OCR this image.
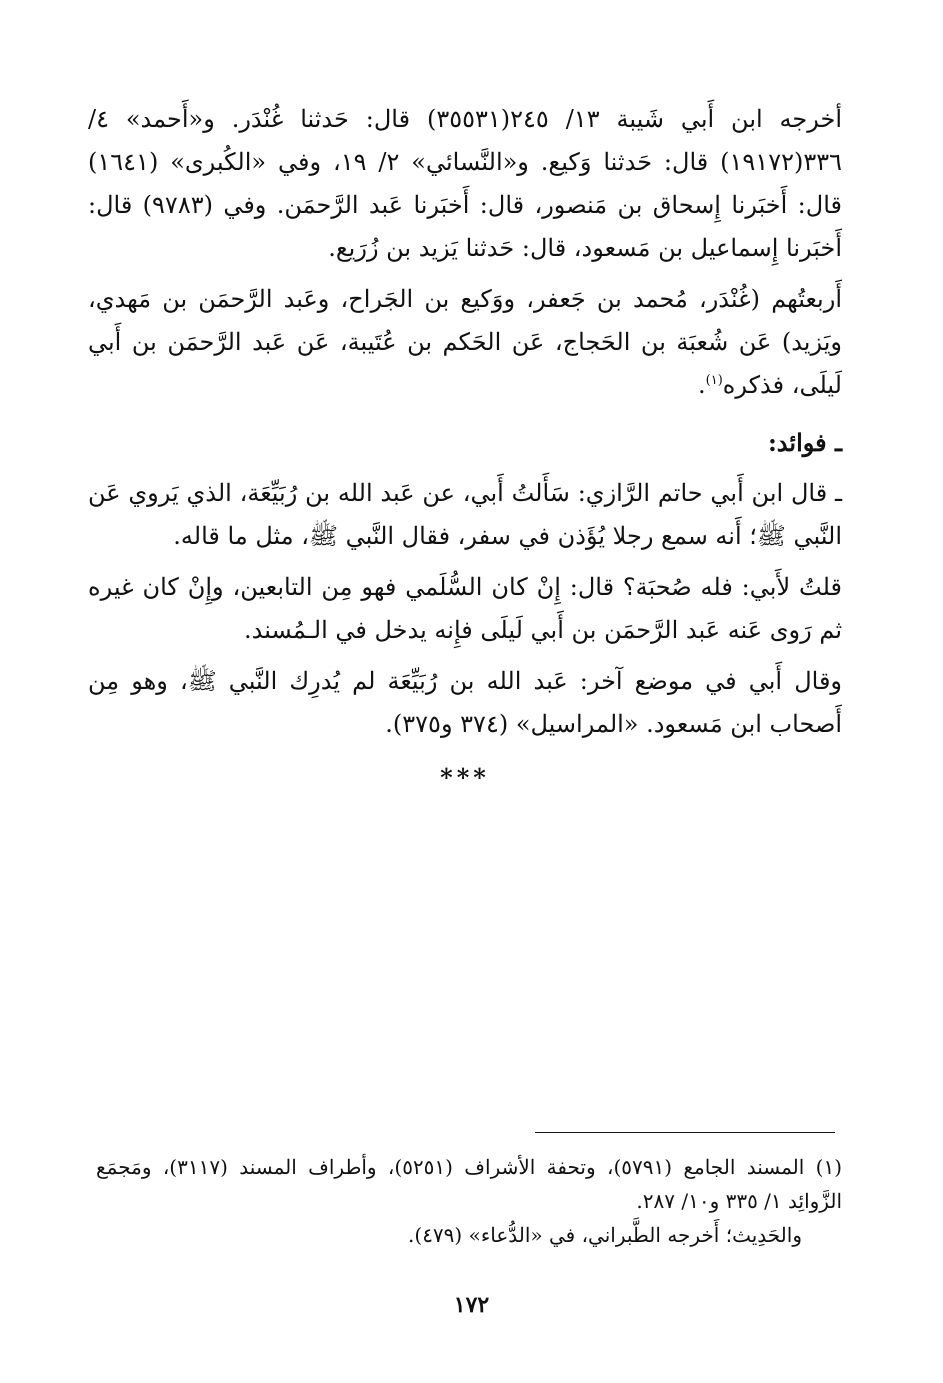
أخرجه ابن أَبي شَيبة ١٣/ ٢٤٥(٣٥٥٣١) قال: حَدثنا غُنْدَر. و«أَحمد» ٤/ ٣٣٦(١٩١٧٢) قال: حَدثنا وَكيع. و«النَّسائي» ٢/ ١٩، وفي «الكُبرى» (١٦٤١) قال: أَخبَرنا إِسحاق بن مَنصور، قال: أَخبَرنا عَبد الرَّحمَن. وفي (٩٧٨٣) قال: أَخبَرنا إِسماعيل بن مَسعود، قال: حَدثنا يَزيد بن زُرَيع.

أَربعتُهم (غُنْدَر، مُحمد بن جَعفر، ووَكيع بن الجَراح، وعَبد الرَّحمَن بن مَهدي، ويَزيد) عَن شُعبَة بن الحَجاج، عَن الحَكم بن عُتَيبة، عَن عَبد الرَّحمَن بن أَبي لَيلَى، فذكره$^{(١)}$.

ـ فوائد:

ـ قال ابن أَبي حاتم الرَّازي: سَأَلتُ أَبي، عن عَبد الله بن رُبَيِّعَة، الذي يَروي عَن النَّبي ﷺ؛ أَنه سمع رجلا يُؤَذن في سفر، فقال النَّبي ﷺ، مثل ما قاله.

قلتُ لأَبي: فله صُحبَة؟ قال: إِنْ كان السُّلَمي فهو مِن التابعين، وإِنْ كان غيره ثم رَوى عَنه عَبد الرَّحمَن بن أَبي لَيلَى فإِنه يدخل في الـمُسند.

وقال أَبي في موضع آخر: عَبد الله بن رُبَيِّعَة لم يُدرِك النَّبي ﷺ، وهو مِن أَصحاب ابن مَسعود. «المراسيل» (٣٧٤ و٣٧٥).

***

(١) المسند الجامع (٥٧٩١)، وتحفة الأشراف (٥٢٥١)، وأطراف المسند (٣١١٧)، ومَجمَع الزَّوائِد ١/ ٣٣٥ و١٠/ ٢٨٧.

والحَدِيث؛ أَخرجه الطَّبراني، في «الدُّعاء» (٤٧٩).

١٧٢
